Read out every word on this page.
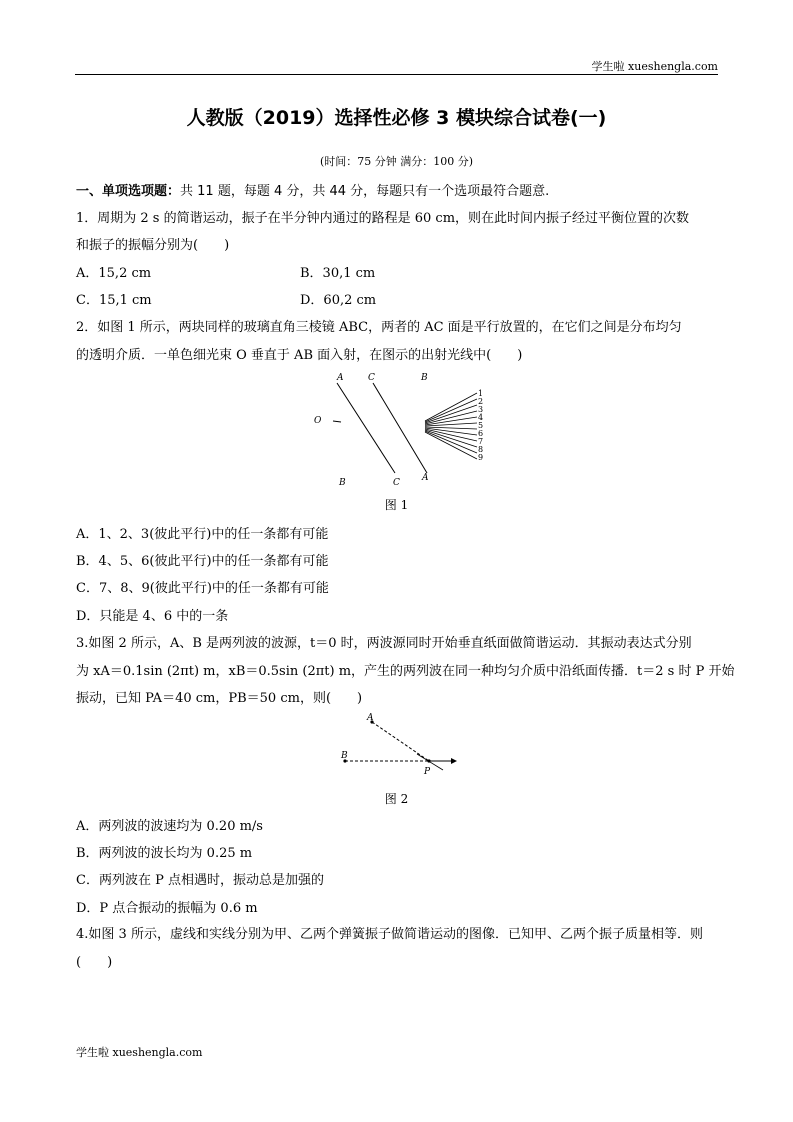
学生啦 xueshengla.com
人教版（2019）选择性必修 3 模块综合试卷(一)
(时间：75 分钟 满分：100 分)
一、单项选项题：共 11 题，每题 4 分，共 44 分，每题只有一个选项最符合题意.
1．周期为 2 s 的简谐运动，振子在半分钟内通过的路程是 60 cm，则在此时间内振子经过平衡位置的次数
和振子的振幅分别为(　　)
A．15,2 cm	B．30,1 cm
C．15,1 cm	D．60,2 cm
2．如图 1 所示，两块同样的玻璃直角三棱镜 ABC，两者的 AC 面是平行放置的，在它们之间是分布均匀
的透明介质．一单色细光束 O 垂直于 AB 面入射，在图示的出射光线中(　　)
A	C	B
O
B	C A
1
2
3
4
5
6
7
8
9
图 1
A．1、2、3(彼此平行)中的任一条都有可能
B．4、5、6(彼此平行)中的任一条都有可能
C．7、8、9(彼此平行)中的任一条都有可能
D．只能是 4、6 中的一条
3.如图 2 所示，A、B 是两列波的波源，t＝0 时，两波源同时开始垂直纸面做简谐运动．其振动表达式分别
为 xA＝0.1sin (2πt) m，xB＝0.5sin (2πt) m，产生的两列波在同一种均匀介质中沿纸面传播．t＝2 s 时 P 开始
振动，已知 PA＝40 cm，PB＝50 cm，则(　　)
A
B
P
图 2
A．两列波的波速均为 0.20 m/s
B．两列波的波长均为 0.25 m
C．两列波在 P 点相遇时，振动总是加强的
D．P 点合振动的振幅为 0.6 m
4.如图 3 所示，虚线和实线分别为甲、乙两个弹簧振子做简谐运动的图像．已知甲、乙两个振子质量相等．则
(　　)
学生啦 xueshengla.com
